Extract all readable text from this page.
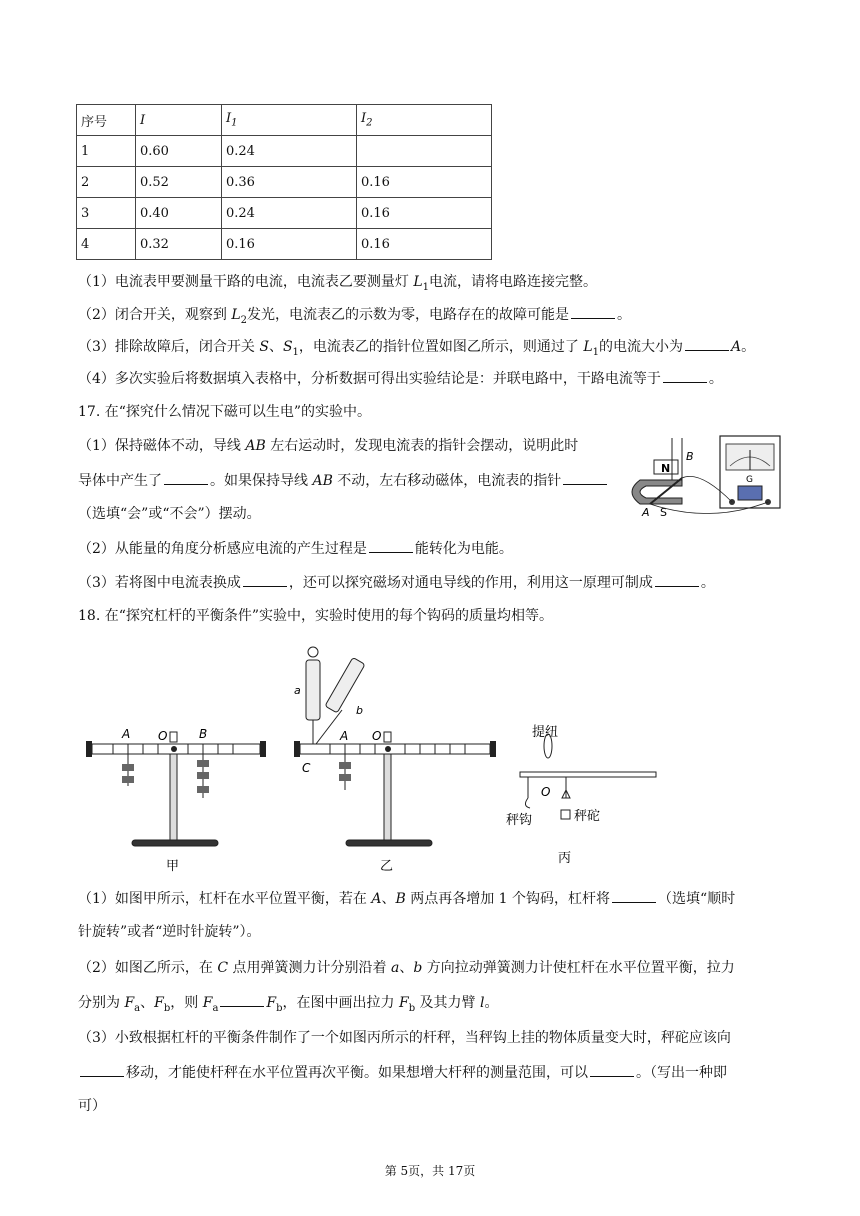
序号	I	$I_1$	$I_2$
1	0.60	0.24	
2	0.52	0.36	0.16
3	0.40	0.24	0.16
4	0.32	0.16	0.16
（1）电流表甲要测量干路的电流，电流表乙要测量灯 $L_1$电流，请将电路连接完整。
（2）闭合开关，观察到 $L_2$发光，电流表乙的示数为零，电路存在的故障可能是	。
（3）排除故障后，闭合开关 S、$S_1$，电流表乙的指针位置如图乙所示，则通过了 $L_1$的电流大小为	A。
（4）多次实验后将数据填入表格中，分析数据可得出实验结论是：并联电路中，干路电流等于	。
17. 在“探究什么情况下磁可以生电”的实验中。
（1）保持磁体不动，导线 AB 左右运动时，发现电流表的指针会摆动，说明此时
导体中产生了	。如果保持导线 AB 不动，左右移动磁体，电流表的指针
（选填“会”或“不会”）摆动。
（2）从能量的角度分析感应电流的产生过程是	能转化为电能。
（3）若将图中电流表换成	，还可以探究磁场对通电导线的作用，利用这一原理可制成	。
G
N
S
A
B
18. 在“探究杠杆的平衡条件”实验中，实验时使用的每个钩码的质量均相等。
A O	B
甲
O
A
C
a
b
乙
提纽
O
秤钩	秤砣
丙
（1）如图甲所示，杠杆在水平位置平衡，若在 A、B 两点再各增加 1 个钩码，杠杆将	（选填“顺时
针旋转”或者“逆时针旋转”）。
（2）如图乙所示，在 C 点用弹簧测力计分别沿着 a、b 方向拉动弹簧测力计使杠杆在水平位置平衡，拉力
分别为 $F_a$、$F_b$，则 $F_a$	$F_b$，在图中画出拉力 $F_b$ 及其力臂 l。
（3）小致根据杠杆的平衡条件制作了一个如图丙所示的杆秤，当秤钩上挂的物体质量变大时，秤砣应该向
移动，才能使杆秤在水平位置再次平衡。如果想增大杆秤的测量范围，可以	。（写出一种即
可）
第 5页，共 17页
